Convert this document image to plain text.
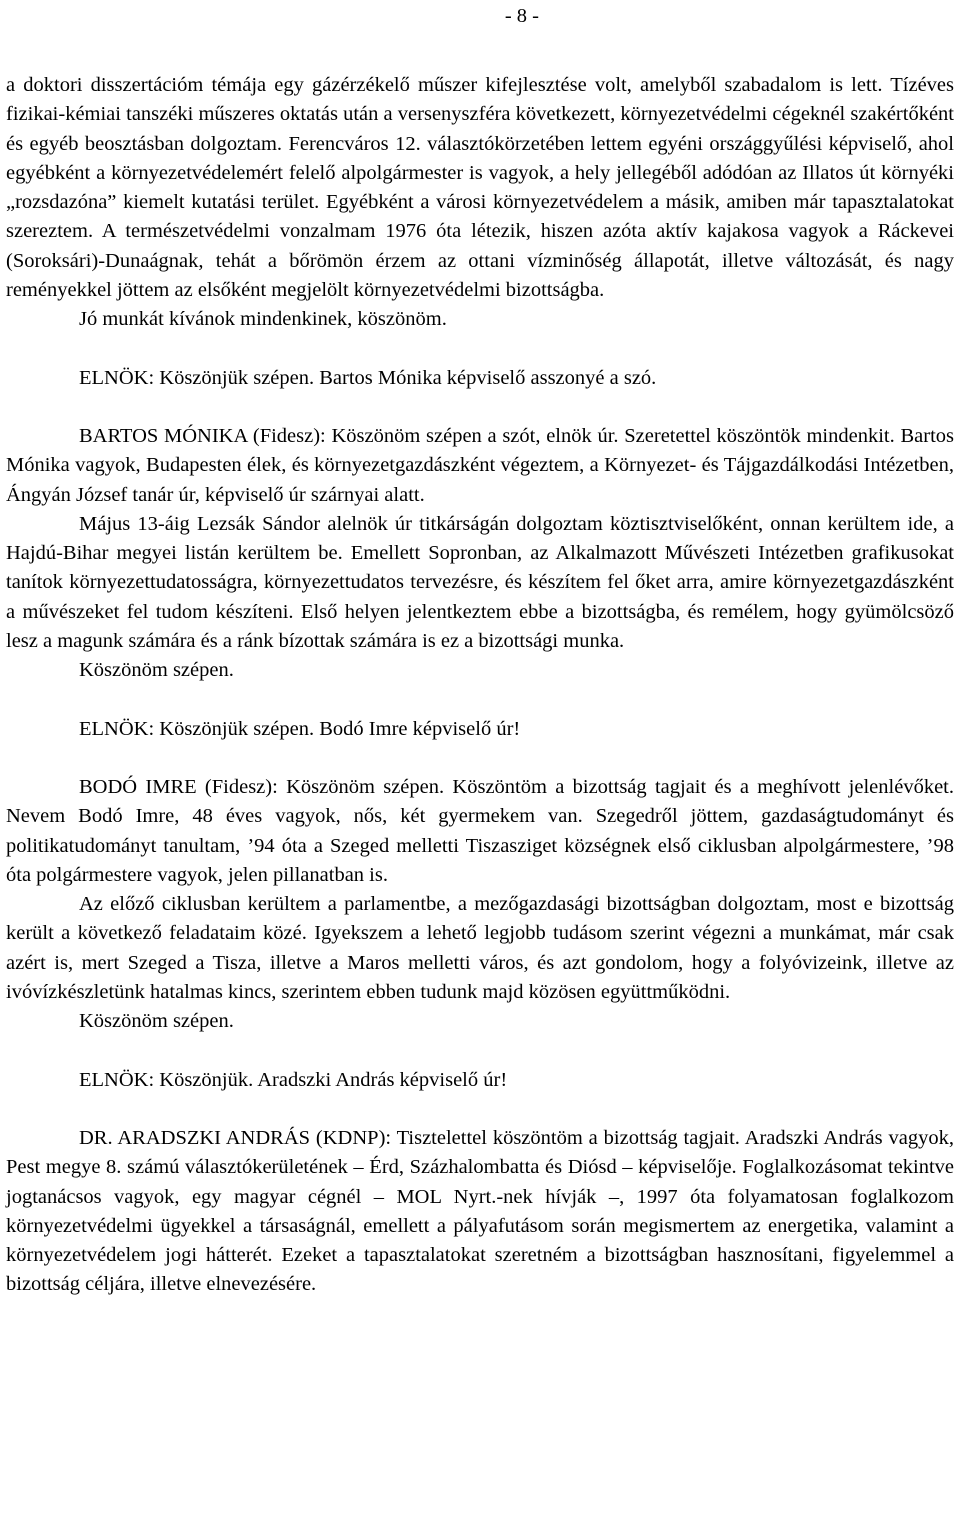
- 8 -

a doktori disszertációm témája egy gázérzékelő műszer kifejlesztése volt, amelyből szabadalom is lett. Tízéves fizikai-kémiai tanszéki műszeres oktatás után a versenyszféra következett, környezetvédelmi cégeknél szakértőként és egyéb beosztásban dolgoztam. Ferencváros 12. választókörzetében lettem egyéni országgyűlési képviselő, ahol egyébként a környezetvédelemért felelő alpolgármester is vagyok, a hely jellegéből adódóan az Illatos út környéki „rozsdazóna” kiemelt kutatási terület. Egyébként a városi környezetvédelem a másik, amiben már tapasztalatokat szereztem. A természetvédelmi vonzalmam 1976 óta létezik, hiszen azóta aktív kajakosa vagyok a Ráckevei (Soroksári)-Dunaágnak, tehát a bőrömön érzem az ottani vízminőség állapotát, illetve változását, és nagy reményekkel jöttem az elsőként megjelölt környezetvédelmi bizottságba.

Jó munkát kívánok mindenkinek, köszönöm.

ELNÖK: Köszönjük szépen. Bartos Mónika képviselő asszonyé a szó.

BARTOS MÓNIKA (Fidesz): Köszönöm szépen a szót, elnök úr. Szeretettel köszöntök mindenkit. Bartos Mónika vagyok, Budapesten élek, és környezetgazdászként végeztem, a Környezet- és Tájgazdálkodási Intézetben, Ángyán József tanár úr, képviselő úr szárnyai alatt.

Május 13-áig Lezsák Sándor alelnök úr titkárságán dolgoztam köztisztviselőként, onnan kerültem ide, a Hajdú-Bihar megyei listán kerültem be. Emellett Sopronban, az Alkalmazott Művészeti Intézetben grafikusokat tanítok környezettudatosságra, környezettudatos tervezésre, és készítem fel őket arra, amire környezetgazdászként a művészeket fel tudom készíteni. Első helyen jelentkeztem ebbe a bizottságba, és remélem, hogy gyümölcsöző lesz a magunk számára és a ránk bízottak számára is ez a bizottsági munka.

Köszönöm szépen.

ELNÖK: Köszönjük szépen. Bodó Imre képviselő úr!

BODÓ IMRE (Fidesz): Köszönöm szépen. Köszöntöm a bizottság tagjait és a meghívott jelenlévőket. Nevem Bodó Imre, 48 éves vagyok, nős, két gyermekem van. Szegedről jöttem, gazdaságtudományt és politikatudományt tanultam, ’94 óta a Szeged melletti Tiszasziget községnek első ciklusban alpolgármestere, ’98 óta polgármestere vagyok, jelen pillanatban is.

Az előző ciklusban kerültem a parlamentbe, a mezőgazdasági bizottságban dolgoztam, most e bizottság került a következő feladataim közé. Igyekszem a lehető legjobb tudásom szerint végezni a munkámat, már csak azért is, mert Szeged a Tisza, illetve a Maros melletti város, és azt gondolom, hogy a folyóvizeink, illetve az ivóvízkészletünk hatalmas kincs, szerintem ebben tudunk majd közösen együttműködni.

Köszönöm szépen.

ELNÖK: Köszönjük. Aradszki András képviselő úr!

DR. ARADSZKI ANDRÁS (KDNP): Tisztelettel köszöntöm a bizottság tagjait. Aradszki András vagyok, Pest megye 8. számú választókerületének – Érd, Százhalombatta és Diósd – képviselője. Foglalkozásomat tekintve jogtanácsos vagyok, egy magyar cégnél – MOL Nyrt.-nek hívják –, 1997 óta folyamatosan foglalkozom környezetvédelmi ügyekkel a társaságnál, emellett a pályafutásom során megismertem az energetika, valamint a környezetvédelem jogi hátterét. Ezeket a tapasztalatokat szeretném a bizottságban hasznosítani, figyelemmel a bizottság céljára, illetve elnevezésére.
